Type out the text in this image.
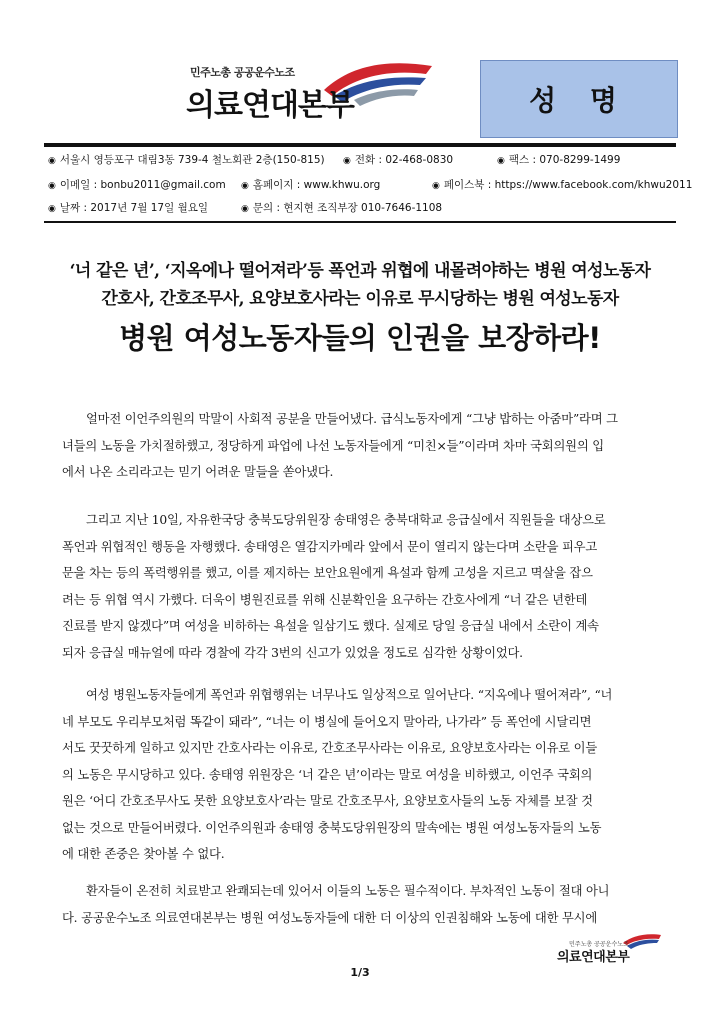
민주노총 공공운수노조
의료연대본부	성 명
◉ 서울시 영등포구 대림3동 739-4 철노회관 2층(150-815) ◉ 전화 : 02-468-0830	◉ 팩스 : 070-8299-1499
◉ 이메일 : bonbu2011@gmail.com ◉ 홈페이지 : www.khwu.org	◉ 페이스북 : https://www.facebook.com/khwu2011
◉ 날짜 : 2017년 7월 17일 월요일	◉ 문의 : 현지현 조직부장 010-7646-1108
‘너 같은 년’, ‘지옥에나 떨어져라’등 폭언과 위협에 내몰려야하는 병원 여성노동자
간호사, 간호조무사, 요양보호사라는 이유로 무시당하는 병원 여성노동자
병원 여성노동자들의 인권을 보장하라!
얼마전 이언주의원의 막말이 사회적 공분을 만들어냈다. 급식노동자에게 “그냥 밥하는 아줌마”라며 그
녀들의 노동을 가치절하했고, 정당하게 파업에 나선 노동자들에게 “미친×들”이라며 차마 국회의원의 입
에서 나온 소리라고는 믿기 어려운 말들을 쏟아냈다.
그리고 지난 10일, 자유한국당 충북도당위원장 송태영은 충북대학교 응급실에서 직원들을 대상으로
폭언과 위협적인 행동을 자행했다. 송태영은 열감지카메라 앞에서 문이 열리지 않는다며 소란을 피우고
문을 차는 등의 폭력행위를 했고, 이를 제지하는 보안요원에게 욕설과 함께 고성을 지르고 멱살을 잡으
려는 등 위협 역시 가했다. 더욱이 병원진료를 위해 신분확인을 요구하는 간호사에게 “너 같은 년한테
진료를 받지 않겠다”며 여성을 비하하는 욕설을 일삼기도 했다. 실제로 당일 응급실 내에서 소란이 계속
되자 응급실 매뉴얼에 따라 경찰에 각각 3번의 신고가 있었을 정도로 심각한 상황이었다.
여성 병원노동자들에게 폭언과 위협행위는 너무나도 일상적으로 일어난다. “지옥에나 떨어져라”, “너
네 부모도 우리부모처럼 똑같이 돼라”, “너는 이 병실에 들어오지 말아라, 나가라” 등 폭언에 시달리면
서도 꿋꿋하게 일하고 있지만 간호사라는 이유로, 간호조무사라는 이유로, 요양보호사라는 이유로 이들
의 노동은 무시당하고 있다. 송태영 위원장은 ‘너 같은 년’이라는 말로 여성을 비하했고, 이언주 국회의
원은 ‘어디 간호조무사도 못한 요양보호사’라는 말로 간호조무사, 요양보호사들의 노동 자체를 보잘 것
없는 것으로 만들어버렸다. 이언주의원과 송태영 충북도당위원장의 말속에는 병원 여성노동자들의 노동
에 대한 존중은 찾아볼 수 없다.
환자들이 온전히 치료받고 완쾌되는데 있어서 이들의 노동은 필수적이다. 부차적인 노동이 절대 아니
다. 공공운수노조 의료연대본부는 병원 여성노동자들에 대한 더 이상의 인권침해와 노동에 대한 무시에
민주노총 공공운수노조
의료연대본부
1/3
